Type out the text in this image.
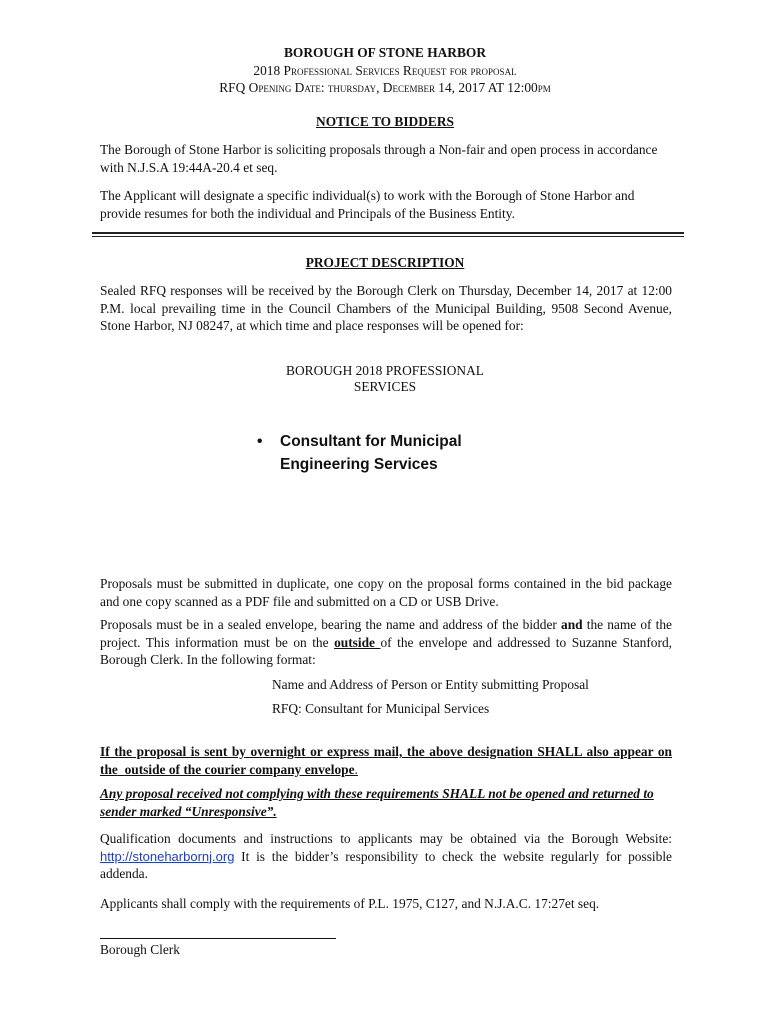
BOROUGH OF STONE HARBOR
2018 Professional Services Request for proposal
RFQ Opening Date: thursday, December 14, 2017 AT 12:00pm
NOTICE TO BIDDERS
The Borough of Stone Harbor is soliciting proposals through a Non-fair and open process in accordance with N.J.S.A 19:44A-20.4 et seq.
The Applicant will designate a specific individual(s) to work with the Borough of Stone Harbor and provide resumes for both the individual and Principals of the Business Entity.
PROJECT DESCRIPTION
Sealed RFQ responses will be received by the Borough Clerk on Thursday, December 14, 2017 at 12:00 P.M. local prevailing time in the Council Chambers of the Municipal Building, 9508 Second Avenue, Stone Harbor, NJ 08247, at which time and place responses will be opened for:
BOROUGH 2018 PROFESSIONAL
SERVICES
• Consultant for Municipal
Engineering Services
Proposals must be submitted in duplicate, one copy on the proposal forms contained in the bid package and one copy scanned as a PDF file and submitted on a CD or USB Drive.
Proposals must be in a sealed envelope, bearing the name and address of the bidder and the name of the project. This information must be on the outside of the envelope and addressed to Suzanne Stanford, Borough Clerk. In the following format:
Name and Address of Person or Entity submitting Proposal
RFQ: Consultant for Municipal Services
If the proposal is sent by overnight or express mail, the above designation SHALL also appear on the outside of the courier company envelope.
Any proposal received not complying with these requirements SHALL not be opened and returned to sender marked “Unresponsive”.
Qualification documents and instructions to applicants may be obtained via the Borough Website: http://stoneharbornj.org It is the bidder’s responsibility to check the website regularly for possible addenda.
Applicants shall comply with the requirements of P.L. 1975, C127, and N.J.A.C. 17:27et seq.
Borough Clerk
